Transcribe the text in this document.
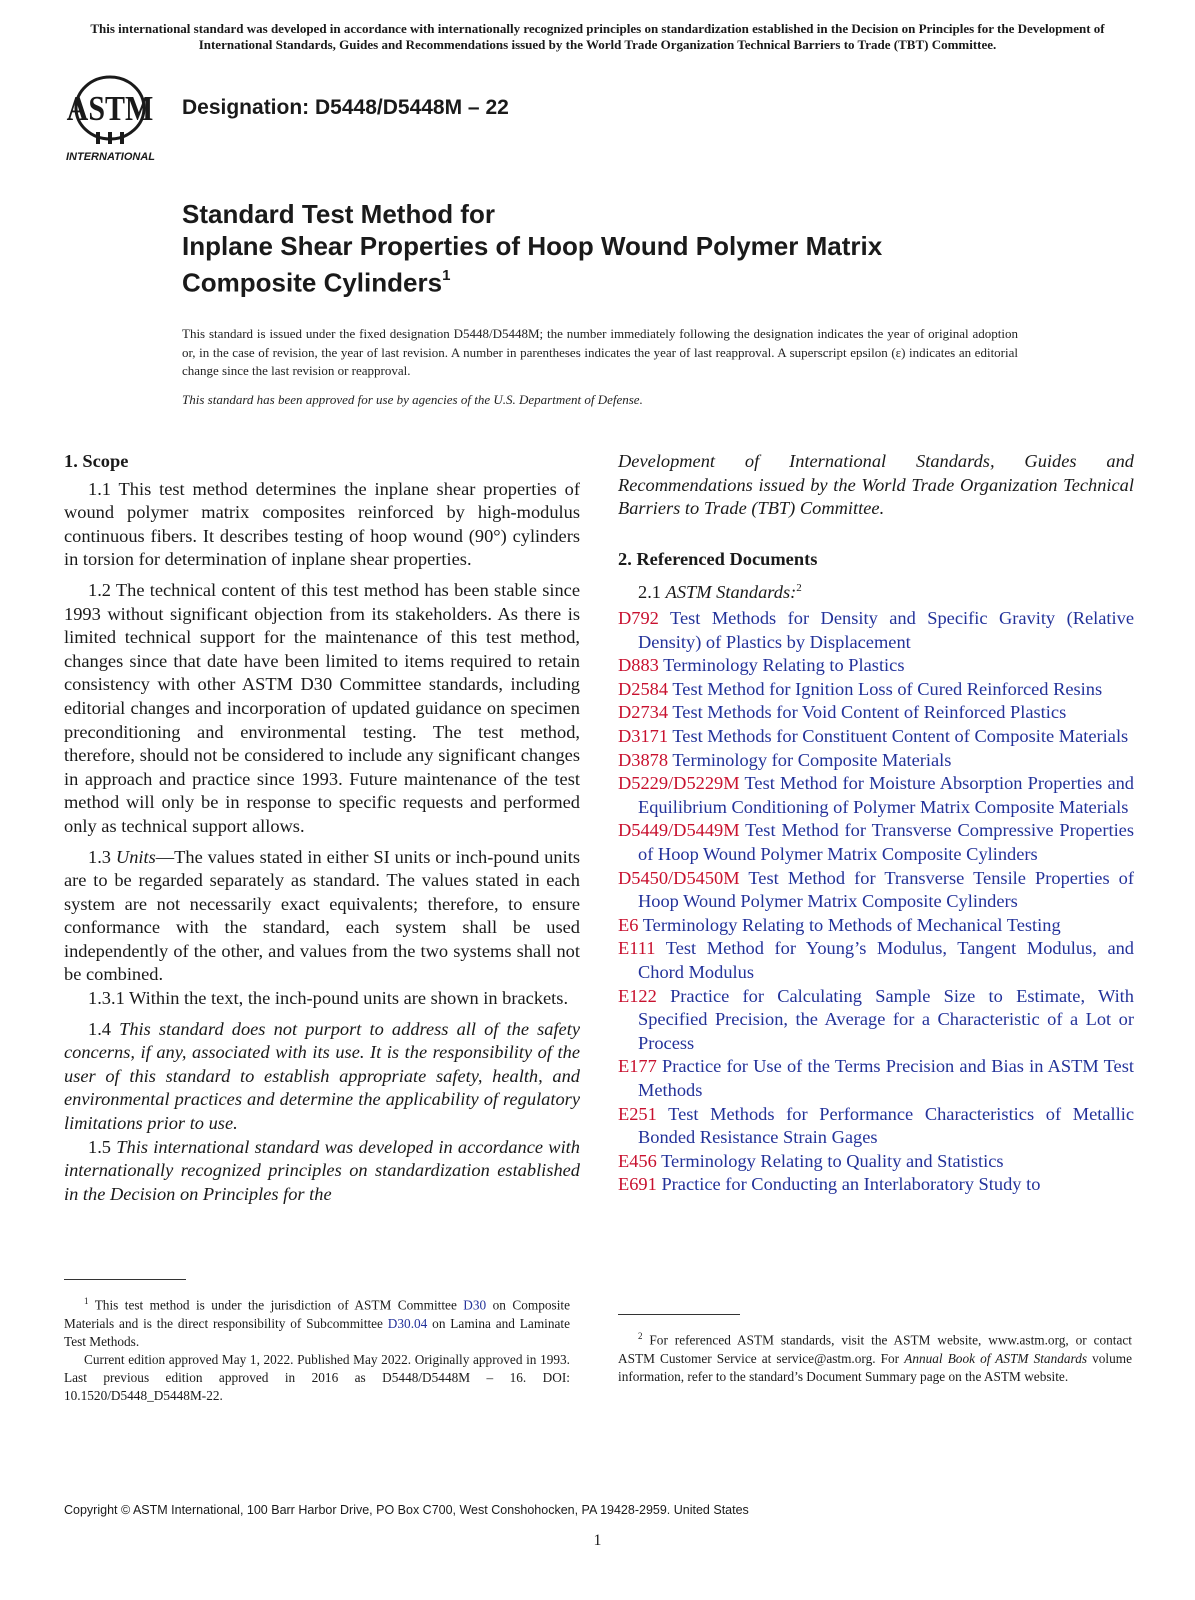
This international standard was developed in accordance with internationally recognized principles on standardization established in the Decision on Principles for the Development of International Standards, Guides and Recommendations issued by the World Trade Organization Technical Barriers to Trade (TBT) Committee.
ASTM
INTERNATIONAL
Designation: D5448/D5448M – 22
Standard Test Method for
Inplane Shear Properties of Hoop Wound Polymer Matrix
Composite Cylinders$^1$
This standard is issued under the fixed designation D5448/D5448M; the number immediately following the designation indicates the year of original adoption or, in the case of revision, the year of last revision. A number in parentheses indicates the year of last reapproval. A superscript epsilon (ε) indicates an editorial change since the last revision or reapproval.
This standard has been approved for use by agencies of the U.S. Department of Defense.
1. Scope

1.1 This test method determines the inplane shear properties of wound polymer matrix composites reinforced by high-modulus continuous fibers. It describes testing of hoop wound (90°) cylinders in torsion for determination of inplane shear properties.

1.2 The technical content of this test method has been stable since 1993 without significant objection from its stakeholders. As there is limited technical support for the maintenance of this test method, changes since that date have been limited to items required to retain consistency with other ASTM D30 Committee standards, including editorial changes and incorporation of updated guidance on specimen preconditioning and environmental testing. The test method, therefore, should not be considered to include any significant changes in approach and practice since 1993. Future maintenance of the test method will only be in response to specific requests and performed only as technical support allows.

1.3 Units—The values stated in either SI units or inch-pound units are to be regarded separately as standard. The values stated in each system are not necessarily exact equivalents; therefore, to ensure conformance with the standard, each system shall be used independently of the other, and values from the two systems shall not be combined.

1.3.1 Within the text, the inch-pound units are shown in brackets.

1.4 This standard does not purport to address all of the safety concerns, if any, associated with its use. It is the responsibility of the user of this standard to establish appropriate safety, health, and environmental practices and determine the applicability of regulatory limitations prior to use.

1.5 This international standard was developed in accordance with internationally recognized principles on standardization established in the Decision on Principles for the

Development of International Standards, Guides and Recommendations issued by the World Trade Organization Technical Barriers to Trade (TBT) Committee.

2. Referenced Documents

2.1 ASTM Standards:$^2$

D792 Test Methods for Density and Specific Gravity (Relative Density) of Plastics by Displacement

D883 Terminology Relating to Plastics

D2584 Test Method for Ignition Loss of Cured Reinforced Resins

D2734 Test Methods for Void Content of Reinforced Plastics

D3171 Test Methods for Constituent Content of Composite Materials

D3878 Terminology for Composite Materials

D5229/D5229M Test Method for Moisture Absorption Properties and Equilibrium Conditioning of Polymer Matrix Composite Materials

D5449/D5449M Test Method for Transverse Compressive Properties of Hoop Wound Polymer Matrix Composite Cylinders

D5450/D5450M Test Method for Transverse Tensile Properties of Hoop Wound Polymer Matrix Composite Cylinders

E6 Terminology Relating to Methods of Mechanical Testing

E111 Test Method for Young’s Modulus, Tangent Modulus, and Chord Modulus

E122 Practice for Calculating Sample Size to Estimate, With Specified Precision, the Average for a Characteristic of a Lot or Process

E177 Practice for Use of the Terms Precision and Bias in ASTM Test Methods

E251 Test Methods for Performance Characteristics of Metallic Bonded Resistance Strain Gages

E456 Terminology Relating to Quality and Statistics

E691 Practice for Conducting an Interlaboratory Study to

$^1$ This test method is under the jurisdiction of ASTM Committee D30 on Composite Materials and is the direct responsibility of Subcommittee D30.04 on Lamina and Laminate Test Methods.

Current edition approved May 1, 2022. Published May 2022. Originally approved in 1993. Last previous edition approved in 2016 as D5448/D5448M – 16. DOI: 10.1520/D5448_D5448M-22.

$^2$ For referenced ASTM standards, visit the ASTM website, www.astm.org, or contact ASTM Customer Service at service@astm.org. For Annual Book of ASTM Standards volume information, refer to the standard’s Document Summary page on the ASTM website.

Copyright © ASTM International, 100 Barr Harbor Drive, PO Box C700, West Conshohocken, PA 19428-2959. United States
1
